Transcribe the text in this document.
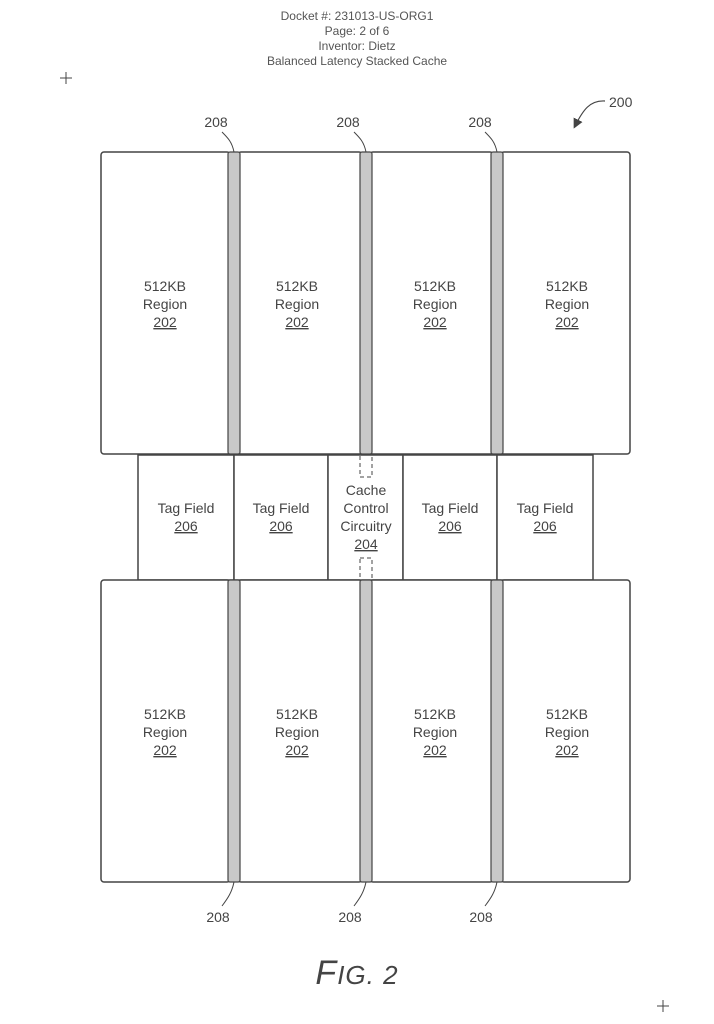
Docket #: 231013-US-ORG1
Page: 2 of 6
Inventor: Dietz
Balanced Latency Stacked Cache
200
512KB
Region
202
512KB
Region
202
512KB
Region
202
512KB
Region
202
208	208	208
Tag Field
206
Tag Field
206
Cache
Control
Circuitry
204
Tag Field
206
Tag Field
206
512KB
Region
202
512KB
Region
202
512KB
Region
202
512KB
Region
202
208	208	208
FIG. 2
